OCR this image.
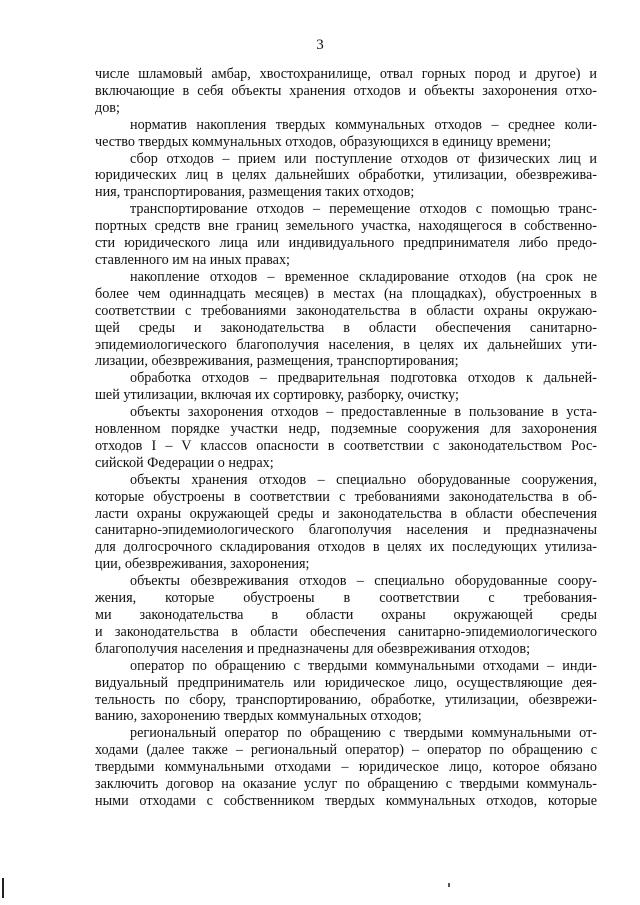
3
числе шламовый амбар, хвостохранилище, отвал горных пород и другое) и
включающие в себя объекты хранения отходов и объекты захоронения отхо-
дов;
норматив накопления твердых коммунальных отходов – среднее коли-
чество твердых коммунальных отходов, образующихся в единицу времени;
сбор отходов – прием или поступление отходов от физических лиц и
юридических лиц в целях дальнейших обработки, утилизации, обезврежива-
ния, транспортирования, размещения таких отходов;
транспортирование отходов – перемещение отходов с помощью транс-
портных средств вне границ земельного участка, находящегося в собственно-
сти юридического лица или индивидуального предпринимателя либо предо-
ставленного им на иных правах;
накопление отходов – временное складирование отходов (на срок не
более чем одиннадцать месяцев) в местах (на площадках), обустроенных в
соответствии с требованиями законодательства в области охраны окружаю-
щей среды и законодательства в области обеспечения санитарно-
эпидемиологического благополучия населения, в целях их дальнейших ути-
лизации, обезвреживания, размещения, транспортирования;
обработка отходов – предварительная подготовка отходов к дальней-
шей утилизации, включая их сортировку, разборку, очистку;
объекты захоронения отходов – предоставленные в пользование в уста-
новленном порядке участки недр, подземные сооружения для захоронения
отходов I – V классов опасности в соответствии с законодательством Рос-
сийской Федерации о недрах;
объекты хранения отходов – специально оборудованные сооружения,
которые обустроены в соответствии с требованиями законодательства в об-
ласти охраны окружающей среды и законодательства в области обеспечения
санитарно-эпидемиологического благополучия населения и предназначены
для долгосрочного складирования отходов в целях их последующих утилиза-
ции, обезвреживания, захоронения;
объекты обезвреживания отходов – специально оборудованные соору-
жения, которые обустроены в соответствии с требования-
ми законодательства в области охраны окружающей среды
и законодательства в области обеспечения санитарно-эпидемиологического
благополучия населения и предназначены для обезвреживания отходов;
оператор по обращению с твердыми коммунальными отходами – инди-
видуальный предприниматель или юридическое лицо, осуществляющие дея-
тельность по сбору, транспортированию, обработке, утилизации, обезврежи-
ванию, захоронению твердых коммунальных отходов;
региональный оператор по обращению с твердыми коммунальными от-
ходами (далее также – региональный оператор) – оператор по обращению с
твердыми коммунальными отходами – юридическое лицо, которое обязано
заключить договор на оказание услуг по обращению с твердыми коммуналь-
ными отходами с собственником твердых коммунальных отходов, которые
